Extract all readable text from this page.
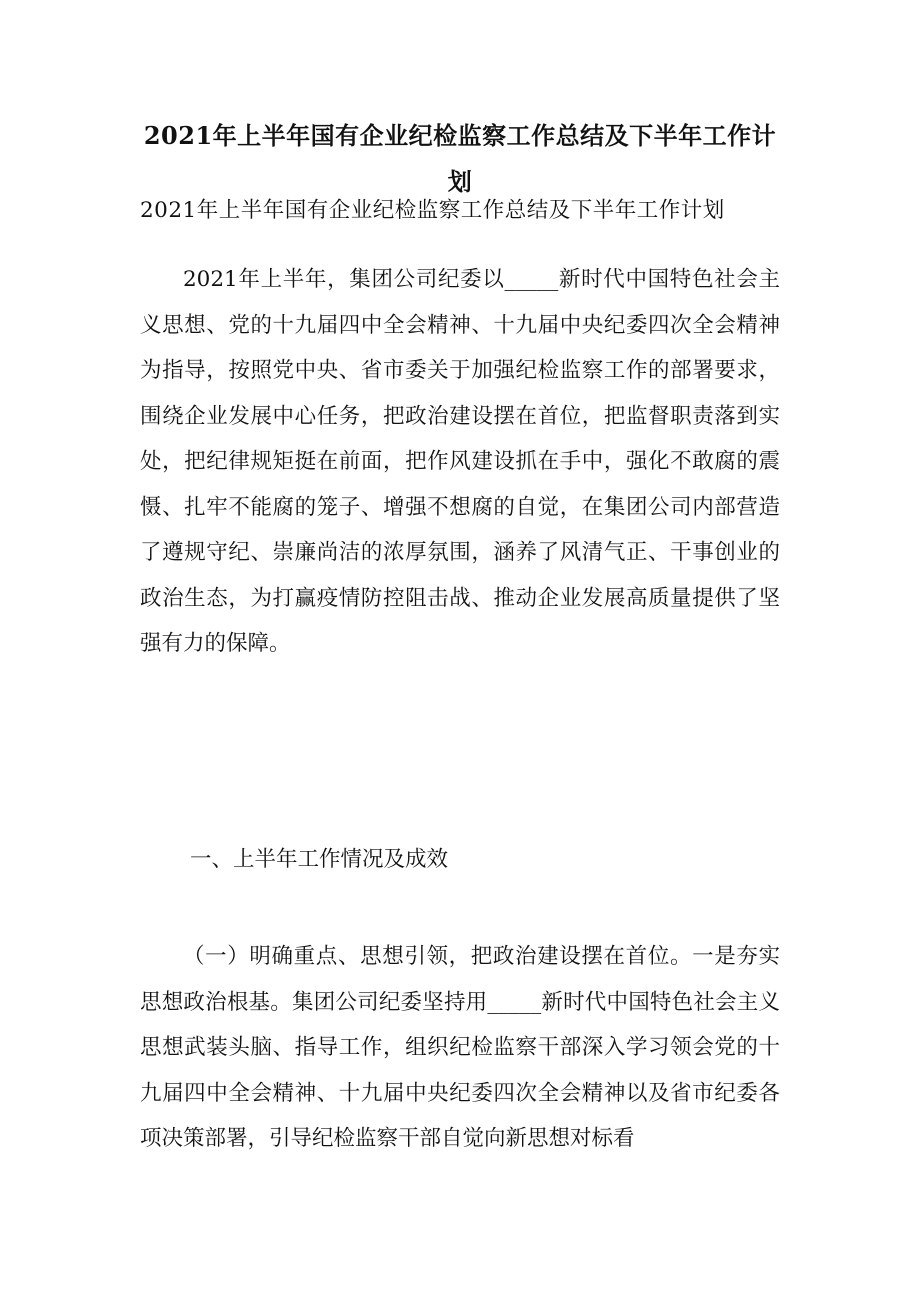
2021年上半年国有企业纪检监察工作总结及下半年工作计划

2021年上半年国有企业纪检监察工作总结及下半年工作计划

2021年上半年，集团公司纪委以_____新时代中国特色社会主义思想、党的十九届四中全会精神、十九届中央纪委四次全会精神为指导，按照党中央、省市委关于加强纪检监察工作的部署要求，围绕企业发展中心任务，把政治建设摆在首位，把监督职责落到实处，把纪律规矩挺在前面，把作风建设抓在手中，强化不敢腐的震慑、扎牢不能腐的笼子、增强不想腐的自觉，在集团公司内部营造了遵规守纪、崇廉尚洁的浓厚氛围，涵养了风清气正、干事创业的政治生态，为打赢疫情防控阻击战、推动企业发展高质量提供了坚强有力的保障。

一、上半年工作情况及成效

（一）明确重点、思想引领，把政治建设摆在首位。一是夯实思想政治根基。集团公司纪委坚持用_____新时代中国特色社会主义思想武装头脑、指导工作，组织纪检监察干部深入学习领会党的十九届四中全会精神、十九届中央纪委四次全会精神以及省市纪委各项决策部署，引导纪检监察干部自觉向新思想对标看
